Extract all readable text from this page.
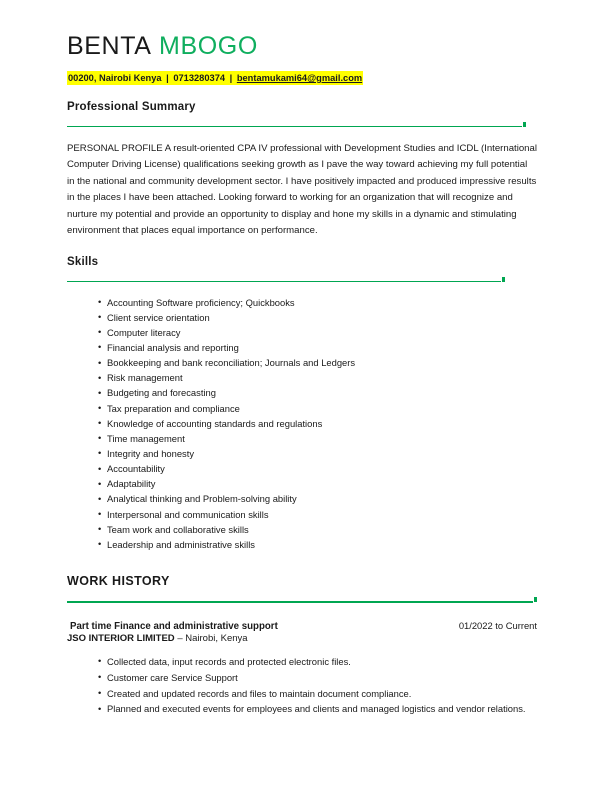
BENTA MBOGO
00200, Nairobi Kenya | 0713280374 | bentamukami64@gmail.com
Professional Summary

PERSONAL PROFILE A result-oriented CPA IV professional with Development Studies and ICDL (International Computer Driving License) qualifications seeking growth as I pave the way toward achieving my full potential in the national and community development sector. I have positively impacted and produced impressive results in the places I have been attached. Looking forward to working for an organization that will recognize and nurture my potential and provide an opportunity to display and hone my skills in a dynamic and stimulating environment that places equal importance on performance.

Skills
• Accounting Software proficiency; Quickbooks
• Client service orientation
• Computer literacy
• Financial analysis and reporting
• Bookkeeping and bank reconciliation; Journals and Ledgers
• Risk management
• Budgeting and forecasting
• Tax preparation and compliance
• Knowledge of accounting standards and regulations
• Time management
• Integrity and honesty
• Accountability
• Adaptability
• Analytical thinking and Problem-solving ability
• Interpersonal and communication skills
• Team work and collaborative skills
• Leadership and administrative skills
WORK HISTORY
Part time Finance and administrative support	01/2022 to Current
JSO INTERIOR LIMITED – Nairobi, Kenya
• Collected data, input records and protected electronic files.
• Customer care Service Support
• Created and updated records and files to maintain document compliance.
• Planned and executed events for employees and clients and managed logistics and vendor relations.
